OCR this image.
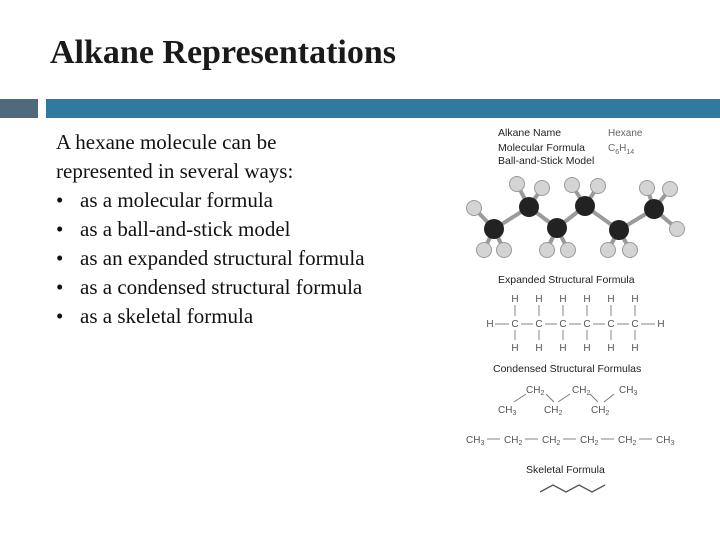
Alkane Representations
A hexane molecule can be
represented in several ways:
• as a molecular formula
• as a ball-and-stick model
• as an expanded structural formula
• as a condensed structural formula
• as a skeletal formula
Alkane Name	Hexane
Molecular Formula $C_6H_{14}$
Ball-and-Stick Model
Expanded Structural Formula
H H H H H H
H C C C C C C H
H H H H H H
Condensed Structural Formulas
$CH_2$	$CH_2$	$CH_3$
$CH_3$	$CH_2$	$CH_2$
$CH_3$ $CH_2$ $CH_2$ $CH_2$ $CH_2$ $CH_3$
Skeletal Formula
